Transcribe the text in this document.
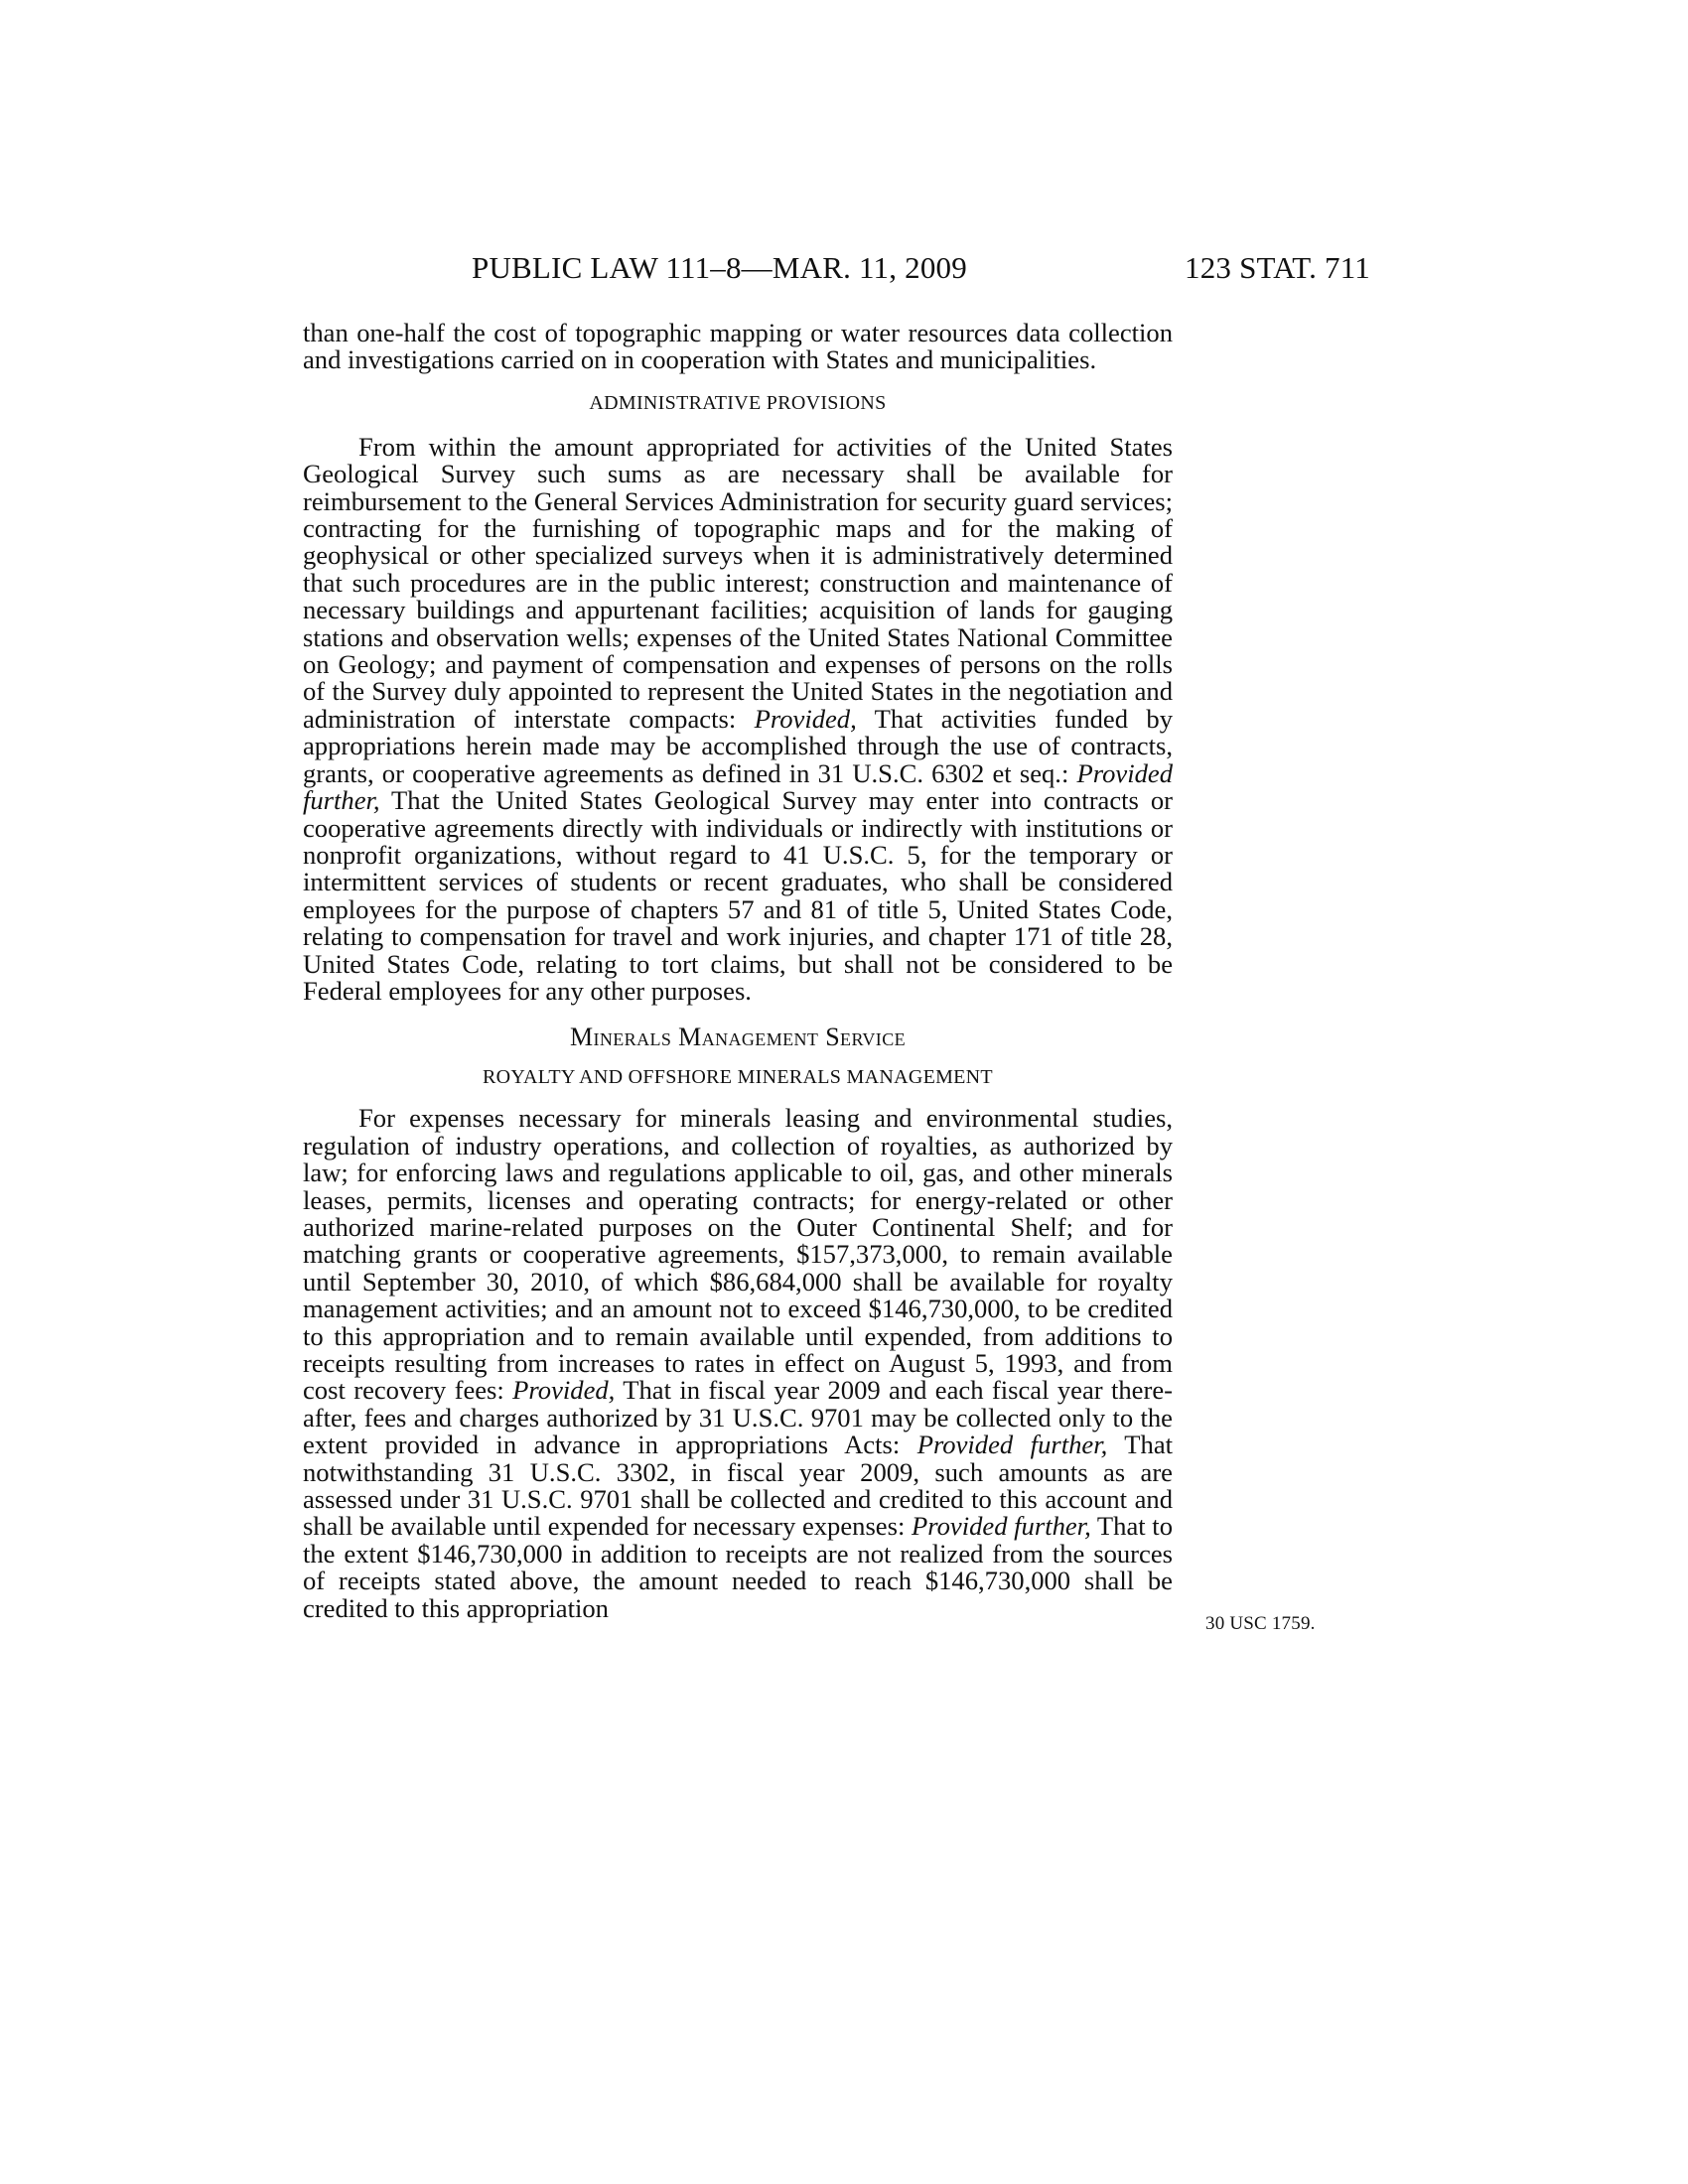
PUBLIC LAW 111–8—MAR. 11, 2009	123 STAT. 711

than one-half the cost of topographic mapping or water resources data collection and investigations carried on in cooperation with States and municipalities.

ADMINISTRATIVE PROVISIONS

From within the amount appropriated for activities of the United States Geological Survey such sums as are necessary shall be available for reimbursement to the General Services Administration for security guard services; contracting for the furnishing of topographic maps and for the making of geophysical or other specialized surveys when it is administratively determined that such procedures are in the public interest; construction and maintenance of necessary buildings and appurtenant facilities; acquisition of lands for gauging stations and observation wells; expenses of the United States National Committee on Geology; and payment of compensation and expenses of persons on the rolls of the Survey duly appointed to represent the United States in the negotiation and administration of interstate compacts: Provided, That activities funded by appropriations herein made may be accomplished through the use of contracts, grants, or cooperative agreements as defined in 31 U.S.C. 6302 et seq.: Provided further, That the United States Geological Survey may enter into contracts or cooperative agreements directly with individuals or indirectly with institutions or nonprofit organizations, without regard to 41 U.S.C. 5, for the temporary or intermittent services of students or recent graduates, who shall be considered employees for the purpose of chapters 57 and 81 of title 5, United States Code, relating to compensation for travel and work injuries, and chapter 171 of title 28, United States Code, relating to tort claims, but shall not be considered to be Federal employees for any other purposes.

Minerals Management Service

ROYALTY AND OFFSHORE MINERALS MANAGEMENT

For expenses necessary for minerals leasing and environmental studies, regulation of industry operations, and collection of royalties, as authorized by law; for enforcing laws and regulations applicable to oil, gas, and other minerals leases, permits, licenses and operating contracts; for energy-related or other authorized marine-related purposes on the Outer Continental Shelf; and for matching grants or cooperative agreements, $157,373,000, to remain available until September 30, 2010, of which $86,684,000 shall be available for royalty management activities; and an amount not to exceed $146,730,000, to be credited to this appropriation and to remain available until expended, from additions to receipts resulting from increases to rates in effect on August 5, 1993, and from cost recovery fees: Provided, That in fiscal year 2009 and each fiscal year thereafter, fees and charges authorized by 31 U.S.C. 9701 may be collected only to the extent provided in advance in appropriations Acts: Provided further, That notwithstanding 31 U.S.C. 3302, in fiscal year 2009, such amounts as are assessed under 31 U.S.C. 9701 shall be collected and credited to this account and shall be available until expended for necessary expenses: Provided further, That to the extent $146,730,000 in addition to receipts are not realized from the sources of receipts stated above, the amount needed to reach $146,730,000 shall be credited to this appropriation

30 USC 1759.
